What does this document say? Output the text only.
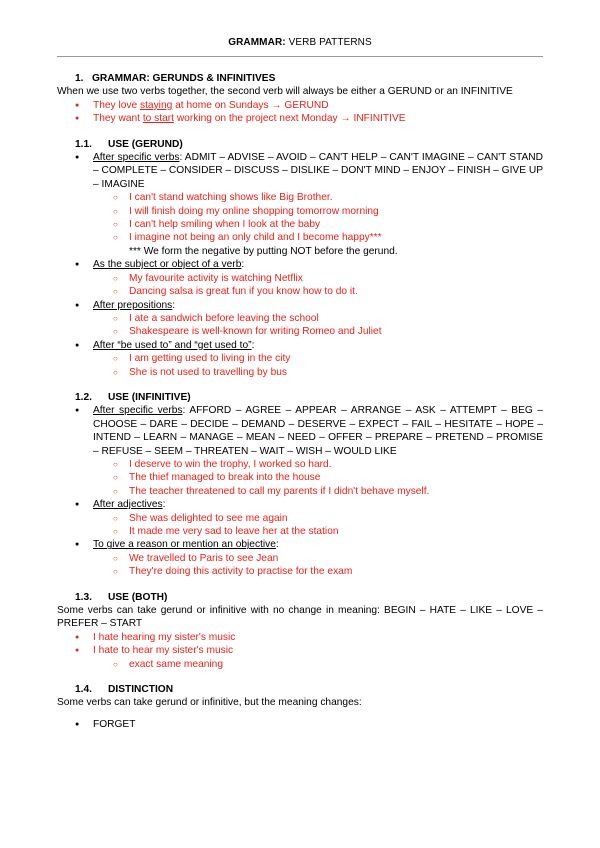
GRAMMAR: VERB PATTERNS
1. GRAMMAR: GERUNDS & INFINITIVES
When we use two verbs together, the second verb will always be either a GERUND or an INFINITIVE
● They love staying at home on Sundays → GERUND
● They want to start working on the project next Monday → INFINITIVE
1.1. USE (GERUND)
● After specific verbs: ADMIT – ADVISE – AVOID – CAN'T HELP – CAN'T IMAGINE – CAN'T STAND – COMPLETE – CONSIDER – DISCUSS – DISLIKE – DON'T MIND – ENJOY – FINISH – GIVE UP – IMAGINE
○ I can't stand watching shows like Big Brother.
○ I will finish doing my online shopping tomorrow morning
○ I can't help smiling when I look at the baby
○ I imagine not being an only child and I become happy***
*** We form the negative by putting NOT before the gerund.
● As the subject or object of a verb:
○ My favourite activity is watching Netflix
○ Dancing salsa is great fun if you know how to do it.
● After prepositions:
○ I ate a sandwich before leaving the school
○ Shakespeare is well-known for writing Romeo and Juliet
● After “be used to” and “get used to”:
○ I am getting used to living in the city
○ She is not used to travelling by bus
1.2. USE (INFINITIVE)
● After specific verbs: AFFORD – AGREE – APPEAR – ARRANGE – ASK – ATTEMPT – BEG – CHOOSE – DARE – DECIDE – DEMAND – DESERVE – EXPECT – FAIL – HESITATE – HOPE – INTEND – LEARN – MANAGE – MEAN – NEED – OFFER – PREPARE – PRETEND – PROMISE – REFUSE – SEEM – THREATEN – WAIT – WISH – WOULD LIKE
○ I deserve to win the trophy, I worked so hard.
○ The thief managed to break into the house
○ The teacher threatened to call my parents if I didn't behave myself.
● After adjectives:
○ She was delighted to see me again
○ It made me very sad to leave her at the station
● To give a reason or mention an objective:
○ We travelled to Paris to see Jean
○ They're doing this activity to practise for the exam
1.3. USE (BOTH)
Some verbs can take gerund or infinitive with no change in meaning: BEGIN – HATE – LIKE – LOVE – PREFER – START
● I hate hearing my sister's music
● I hate to hear my sister's music
○ exact same meaning
1.4. DISTINCTION
Some verbs can take gerund or infinitive, but the meaning changes:
● FORGET
